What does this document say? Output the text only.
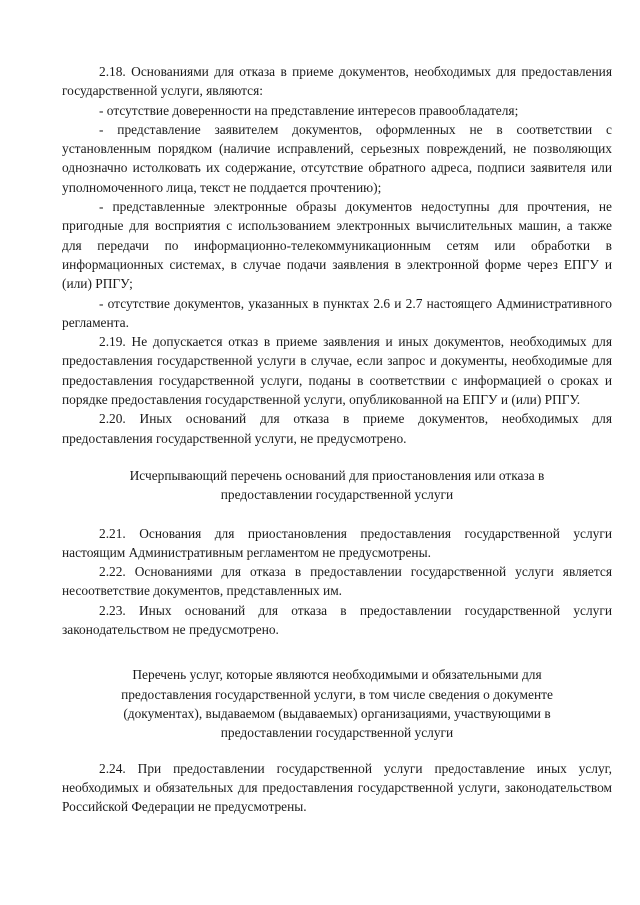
2.18. Основаниями для отказа в приеме документов, необходимых для предоставления государственной услуги, являются:

- отсутствие доверенности на представление интересов правообладателя;

- представление заявителем документов, оформленных не в соответствии с установленным порядком (наличие исправлений, серьезных повреждений, не позволяющих однозначно истолковать их содержание, отсутствие обратного адреса, подписи заявителя или уполномоченного лица, текст не поддается прочтению);

- представленные электронные образы документов недоступны для прочтения, не пригодные для восприятия с использованием электронных вычислительных машин, а также для передачи по информационно-телекоммуникационным сетям или обработки в информационных системах, в случае подачи заявления в электронной форме через ЕПГУ и (или) РПГУ;

- отсутствие документов, указанных в пунктах 2.6 и 2.7 настоящего Административного регламента.

2.19. Не допускается отказ в приеме заявления и иных документов, необходимых для предоставления государственной услуги в случае, если запрос и документы, необходимые для предоставления государственной услуги, поданы в соответствии с информацией о сроках и порядке предоставления государственной услуги, опубликованной на ЕПГУ и (или) РПГУ.

2.20. Иных оснований для отказа в приеме документов, необходимых для предоставления государственной услуги, не предусмотрено.

Исчерпывающий перечень оснований для приостановления или отказа в

предоставлении государственной услуги

2.21. Основания для приостановления предоставления государственной услуги настоящим Административным регламентом не предусмотрены.

2.22. Основаниями для отказа в предоставлении государственной услуги является несоответствие документов, представленных им.

2.23. Иных оснований для отказа в предоставлении государственной услуги законодательством не предусмотрено.

Перечень услуг, которые являются необходимыми и обязательными для

предоставления государственной услуги, в том числе сведения о документе

(документах), выдаваемом (выдаваемых) организациями, участвующими в

предоставлении государственной услуги

2.24. При предоставлении государственной услуги предоставление иных услуг, необходимых и обязательных для предоставления государственной услуги, законодательством Российской Федерации не предусмотрены.
